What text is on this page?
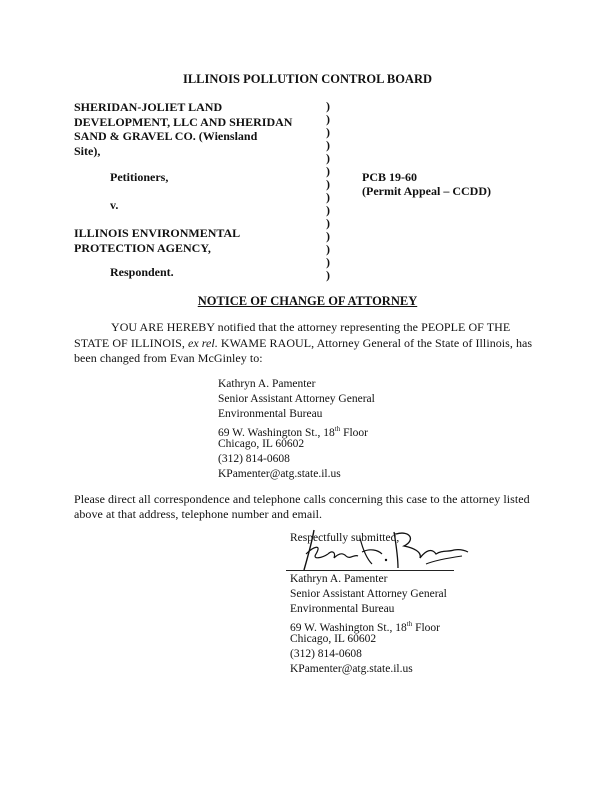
ILLINOIS POLLUTION CONTROL BOARD
SHERIDAN-JOLIET LAND
DEVELOPMENT, LLC AND SHERIDAN
SAND & GRAVEL CO. (Wiensland
Site),
Petitioners,
v.
ILLINOIS ENVIRONMENTAL
PROTECTION AGENCY,
Respondent.
)
)
)
)
)
)
)
)
)
)
)
)
)
)
PCB 19-60
(Permit Appeal – CCDD)
NOTICE OF CHANGE OF ATTORNEY
YOU ARE HEREBY notified that the attorney representing the PEOPLE OF THE
STATE OF ILLINOIS, ex rel. KWAME RAOUL, Attorney General of the State of Illinois, has
been changed from Evan McGinley to:
Kathryn A. Pamenter
Senior Assistant Attorney General
Environmental Bureau
69 W. Washington St., 18th Floor
Chicago, IL 60602
(312) 814-0608
KPamenter@atg.state.il.us
Please direct all correspondence and telephone calls concerning this case to the attorney listed
above at that address, telephone number and email.
Respectfully submitted,
Kathryn A. Pamenter
Senior Assistant Attorney General
Environmental Bureau
69 W. Washington St., 18th Floor
Chicago, IL 60602
(312) 814-0608
KPamenter@atg.state.il.us
